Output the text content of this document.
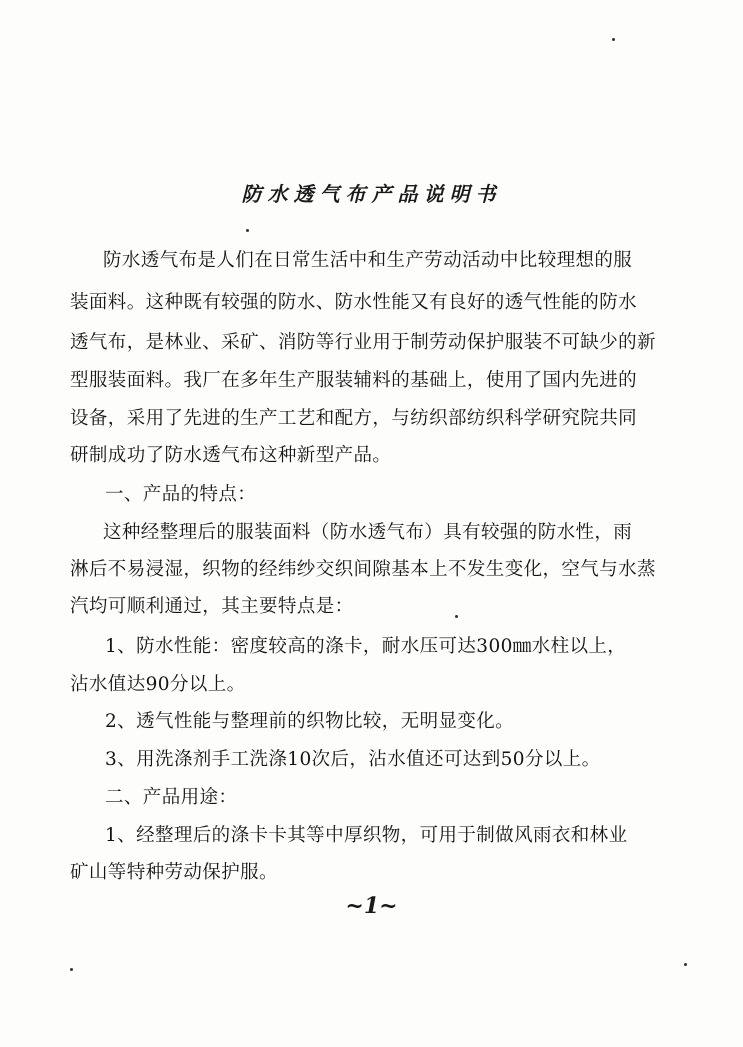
防水透气布产品说明书
防水透气布是人们在日常生活中和生产劳动活动中比较理想的服
装面料。这种既有较强的防水、防水性能又有良好的透气性能的防水
透气布，是林业、采矿、消防等行业用于制劳动保护服装不可缺少的新
型服装面料。我厂在多年生产服装辅料的基础上，使用了国内先进的
设备，采用了先进的生产工艺和配方，与纺织部纺织科学研究院共同
研制成功了防水透气布这种新型产品。
一、产品的特点：
这种经整理后的服装面料（防水透气布）具有较强的防水性，雨
淋后不易浸湿，织物的经纬纱交织间隙基本上不发生变化，空气与水蒸
汽均可顺利通过，其主要特点是：
1、防水性能：密度较高的涤卡，耐水压可达300㎜水柱以上，
沾水值达90分以上。
2、透气性能与整理前的织物比较，无明显变化。
3、用洗涤剂手工洗涤10次后，沾水值还可达到50分以上。
二、产品用途：
1、经整理后的涤卡卡其等中厚织物，可用于制做风雨衣和林业
矿山等特种劳动保护服。
~1~
